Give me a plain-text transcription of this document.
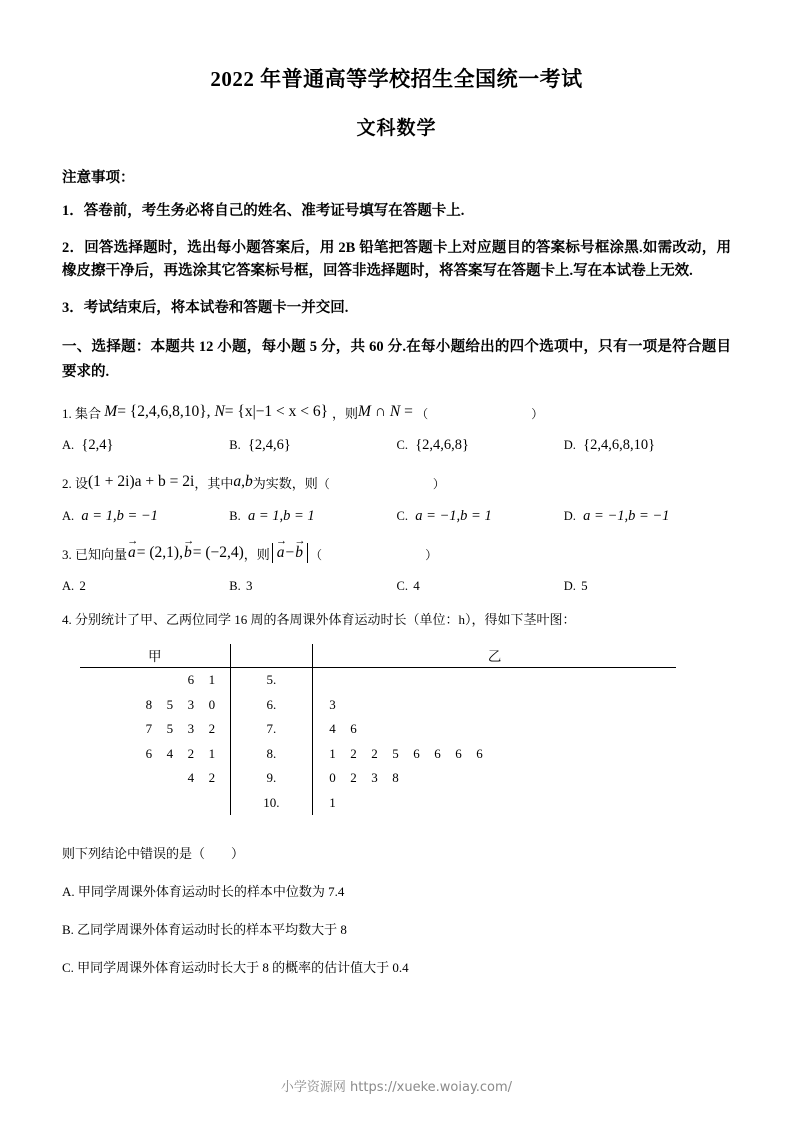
2022 年普通高等学校招生全国统一考试
文科数学
注意事项：
1．答卷前，考生务必将自己的姓名、准考证号填写在答题卡上.
2．回答选择题时，选出每小题答案后，用 2B 铅笔把答题卡上对应题目的答案标号框涂黑.如需改动，用橡皮擦干净后，再选涂其它答案标号框，回答非选择题时，将答案写在答题卡上.写在本试卷上无效.
3．考试结束后，将本试卷和答题卡一并交回.
一、选择题：本题共 12 小题，每小题 5 分，共 60 分.在每小题给出的四个选项中，只有一项是符合题目要求的.
1. 集合 M= {2,4,6,8,10}, N= {x|−1 < x < 6} ，则M ∩ N = （　　）
A. {2,4}	B. {2,4,6}	C. {2,4,6,8}	D. {2,4,6,8,10}
2. 设(1 + 2i)a + b = 2i，其中a,b为实数，则（　　）
A. a = 1,b = −1	B. a = 1,b = 1	C. a = −1,b = 1	D. a = −1,b = −1
3. 已知向量a →= (2,1),b →= (−2,4)，则 a →−b → （　　）
A. 2	B. 3	C. 4	D. 5
4. 分别统计了甲、乙两位同学 16 周的各周课外体育运动时长（单位：h），得如下茎叶图：
甲		乙
6 1	5.	
8 5 3 0	6.	3
7 5 3 2	7.	4 6
6 4 2 1	8.	1 2 2 5 6 6 6 6
4 2	9.	0 2 3 8
	10.	1
则下列结论中错误的是（　　）
A. 甲同学周课外体育运动时长的样本中位数为 7.4
B. 乙同学周课外体育运动时长的样本平均数大于 8
C. 甲同学周课外体育运动时长大于 8 的概率的估计值大于 0.4
小学资源网 https://xueke.woiay.com/
